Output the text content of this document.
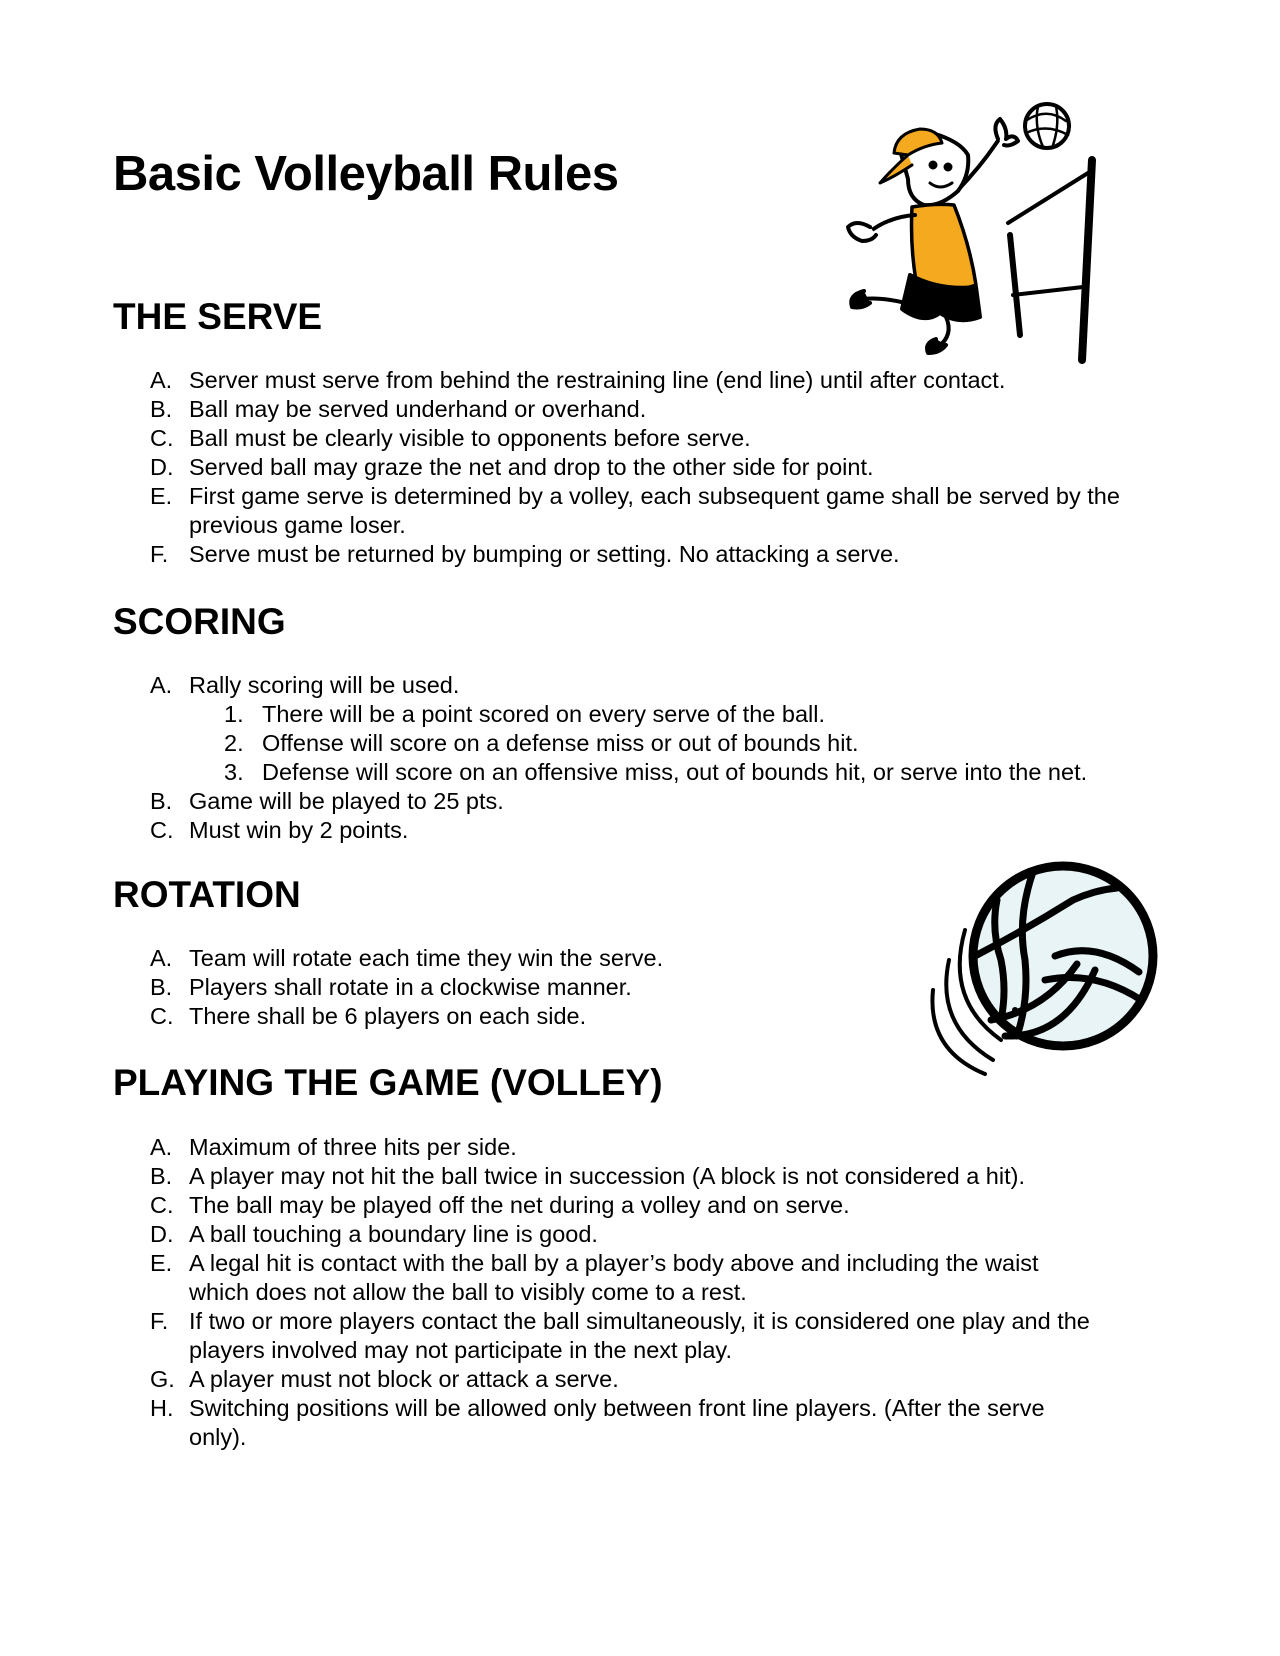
Basic Volleyball Rules
THE SERVE
A. Server must serve from behind the restraining line (end line) until after contact.
B. Ball may be served underhand or overhand.
C. Ball must be clearly visible to opponents before serve.
D. Served ball may graze the net and drop to the other side for point.
E. First game serve is determined by a volley, each subsequent game shall be served by the previous game loser.
F. Serve must be returned by bumping or setting. No attacking a serve.
SCORING
A. Rally scoring will be used.
1. There will be a point scored on every serve of the ball.
2. Offense will score on a defense miss or out of bounds hit.
3. Defense will score on an offensive miss, out of bounds hit, or serve into the net.
B. Game will be played to 25 pts.
C. Must win by 2 points.
ROTATION
A. Team will rotate each time they win the serve.
B. Players shall rotate in a clockwise manner.
C. There shall be 6 players on each side.
PLAYING THE GAME (VOLLEY)
A. Maximum of three hits per side.
B. A player may not hit the ball twice in succession (A block is not considered a hit).
C. The ball may be played off the net during a volley and on serve.
D. A ball touching a boundary line is good.
E. A legal hit is contact with the ball by a player’s body above and including the waist which does not allow the ball to visibly come to a rest.
F. If two or more players contact the ball simultaneously, it is considered one play and the players involved may not participate in the next play.
G. A player must not block or attack a serve.
H. Switching positions will be allowed only between front line players. (After the serve only).
